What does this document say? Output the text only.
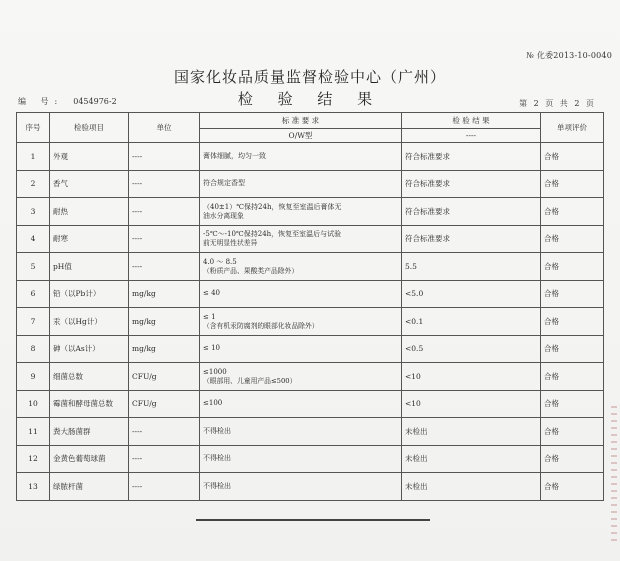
№ 化委2013-10-0040
国家化妆品质量监督检验中心（广州）
检 验 结 果
编 号: 0454976-2	第 2 页 共 2 页
序号	检验项目	单位	标 准 要 求	检 验 结 果	单项评价
			O/W型	----	
1	外观	----	膏体细腻，均匀一致	符合标准要求	合格
2	香气	----	符合规定香型	符合标准要求	合格
3	耐热	----	（40±1）℃保持24h，恢复至室温后膏体无
油水分离现象	符合标准要求	合格
4	耐寒	----	-5℃～-10℃保持24h，恢复至室温后与试验
前无明显性状差异	符合标准要求	合格
5	pH值	----	4.0 ～ 8.5
（粉质产品、果酸类产品除外）	5.5	合格
6	铅（以Pb计）	mg/kg	≤ 40	<5.0	合格
7	汞（以Hg计）	mg/kg	≤ 1
（含有机汞防腐剂的眼部化妆品除外）	<0.1	合格
8	砷（以As计）	mg/kg	≤ 10	<0.5	合格
9	细菌总数	CFU/g	≤1000
（眼部用、儿童用产品≤500）	<10	合格
10	霉菌和酵母菌总数	CFU/g	≤100	<10	合格
11	粪大肠菌群	----	不得检出	未检出	合格
12	金黄色葡萄球菌	----	不得检出	未检出	合格
13	绿脓杆菌	----	不得检出	未检出	合格
